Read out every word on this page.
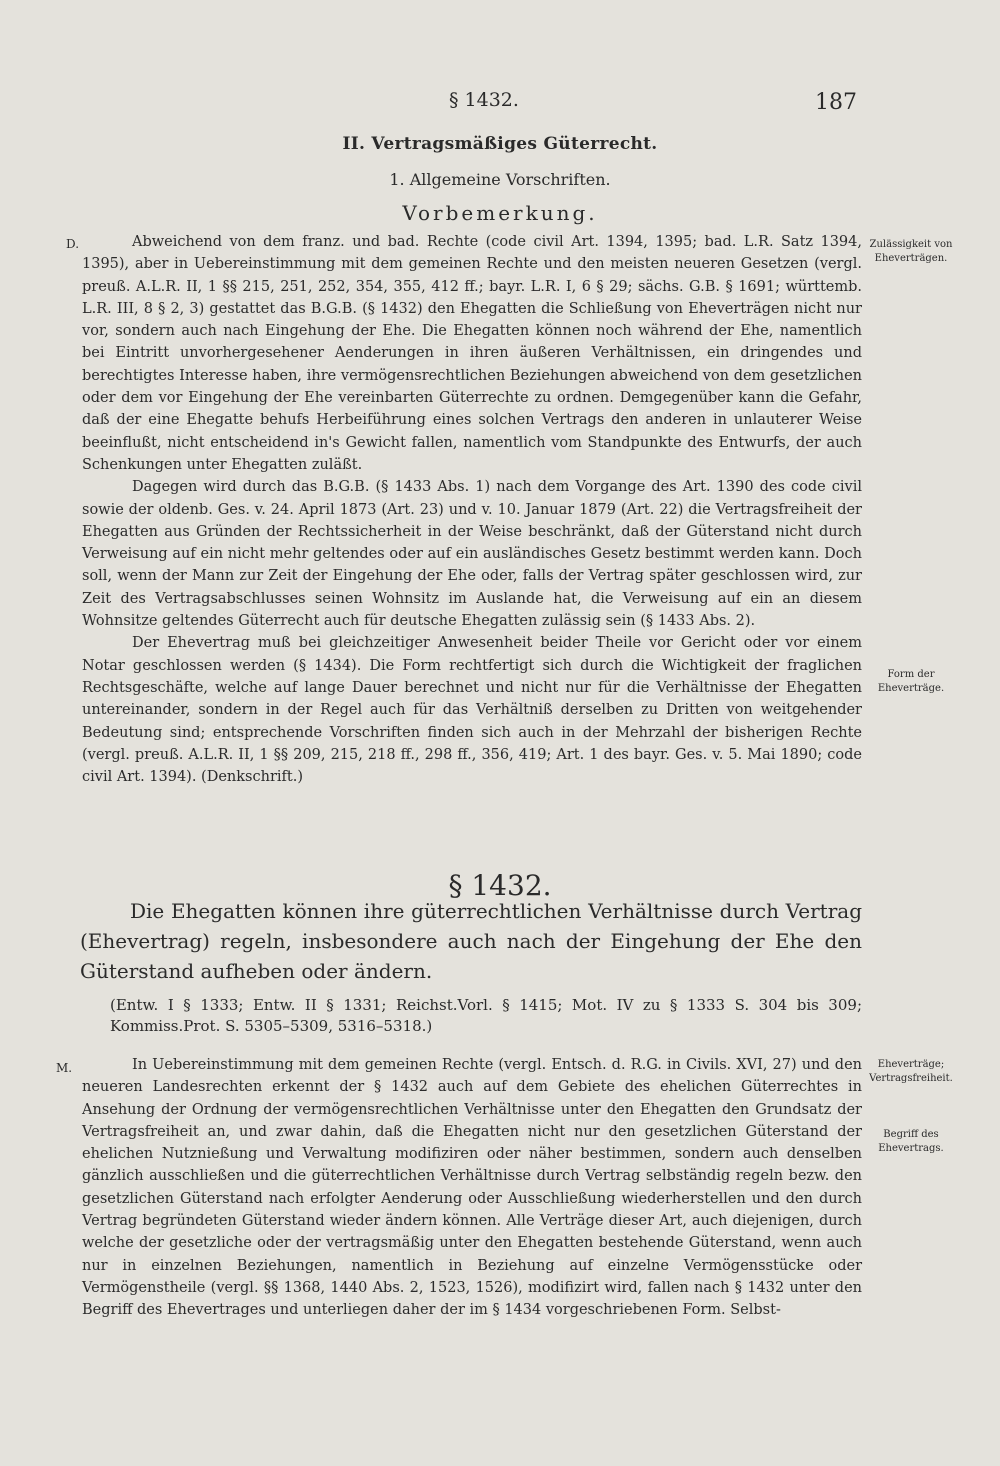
§ 1432.	187
II. Vertragsmäßiges Güterrecht.
1. Allgemeine Vorschriften.
Vorbemerkung.
D.	Abweichend von dem franz. und bad. Rechte (code civil Art. 1394, 1395; bad. L.R. Satz 1394, 1395), aber in Uebereinstimmung mit dem gemeinen Rechte und den meisten neueren Gesetzen (vergl. preuß. A.L.R. II, 1 §§ 215, 251, 252, 354, 355, 412 ff.; bayr. L.R. I, 6 § 29; sächs. G.B. § 1691; württemb. L.R. III, 8 § 2, 3) gestattet das B.G.B. (§ 1432) den Ehegatten die Schließung von Eheverträgen nicht nur vor, sondern auch nach Eingehung der Ehe. Die Ehegatten können noch während der Ehe, namentlich bei Eintritt unvorhergesehener Aenderungen in ihren äußeren Verhältnissen, ein dringendes und berechtigtes Interesse haben, ihre vermögensrechtlichen Beziehungen abweichend von dem gesetzlichen oder dem vor Eingehung der Ehe vereinbarten Güterrechte zu ordnen. Demgegenüber kann die Gefahr, daß der eine Ehegatte behufs Herbeiführung eines solchen Vertrags den anderen in unlauterer Weise beeinflußt, nicht entscheidend in's Gewicht fallen, namentlich vom Standpunkte des Entwurfs, der auch Schenkungen unter Ehegatten zuläßt.

Dagegen wird durch das B.G.B. (§ 1433 Abs. 1) nach dem Vorgange des Art. 1390 des code civil sowie der oldenb. Ges. v. 24. April 1873 (Art. 23) und v. 10. Januar 1879 (Art. 22) die Vertragsfreiheit der Ehegatten aus Gründen der Rechtssicherheit in der Weise beschränkt, daß der Güterstand nicht durch Verweisung auf ein nicht mehr geltendes oder auf ein ausländisches Gesetz bestimmt werden kann. Doch soll, wenn der Mann zur Zeit der Eingehung der Ehe oder, falls der Vertrag später geschlossen wird, zur Zeit des Vertragsabschlusses seinen Wohnsitz im Auslande hat, die Verweisung auf ein an diesem Wohnsitze geltendes Güterrecht auch für deutsche Ehegatten zulässig sein (§ 1433 Abs. 2).

Der Ehevertrag muß bei gleichzeitiger Anwesenheit beider Theile vor Gericht oder vor einem Notar geschlossen werden (§ 1434). Die Form rechtfertigt sich durch die Wichtigkeit der fraglichen Rechtsgeschäfte, welche auf lange Dauer berechnet und nicht nur für die Verhältnisse der Ehegatten untereinander, sondern in der Regel auch für das Verhältniß derselben zu Dritten von weitgehender Bedeutung sind; entsprechende Vorschriften finden sich auch in der Mehrzahl der bisherigen Rechte (vergl. preuß. A.L.R. II, 1 §§ 209, 215, 218 ff., 298 ff., 356, 419; Art. 1 des bayr. Ges. v. 5. Mai 1890; code civil Art. 1394). (Denkschrift.)

Zulässigkeit von Eheverträgen.
Form der Eheverträge.
§ 1432.
Die Ehegatten können ihre güterrechtlichen Verhältnisse durch Vertrag (Ehevertrag) regeln, insbesondere auch nach der Eingehung der Ehe den Güterstand aufheben oder ändern.
(Entw. I § 1333; Entw. II § 1331; Reichst.Vorl. § 1415; Mot. IV zu § 1333 S. 304 bis 309; Kommiss.Prot. S. 5305–5309, 5316–5318.)
M.	In Uebereinstimmung mit dem gemeinen Rechte (vergl. Entsch. d. R.G. in Civils. XVI, 27) und den neueren Landesrechten erkennt der § 1432 auch auf dem Gebiete des ehelichen Güterrechtes in Ansehung der Ordnung der vermögensrechtlichen Verhältnisse unter den Ehegatten den Grundsatz der Vertragsfreiheit an, und zwar dahin, daß die Ehegatten nicht nur den gesetzlichen Güterstand der ehelichen Nutznießung und Verwaltung modifiziren oder näher bestimmen, sondern auch denselben gänzlich ausschließen und die güterrechtlichen Verhältnisse durch Vertrag selbständig regeln bezw. den gesetzlichen Güterstand nach erfolgter Aenderung oder Ausschließung wiederherstellen und den durch Vertrag begründeten Güterstand wieder ändern können. Alle Verträge dieser Art, auch diejenigen, durch welche der gesetzliche oder der vertragsmäßig unter den Ehegatten bestehende Güterstand, wenn auch nur in einzelnen Beziehungen, namentlich in Beziehung auf einzelne Vermögensstücke oder Vermögenstheile (vergl. §§ 1368, 1440 Abs. 2, 1523, 1526), modifizirt wird, fallen nach § 1432 unter den Begriff des Ehevertrages und unterliegen daher der im § 1434 vorgeschriebenen Form. Selbst-

Eheverträge; Vertragsfreiheit.
Begriff des Ehevertrags.
